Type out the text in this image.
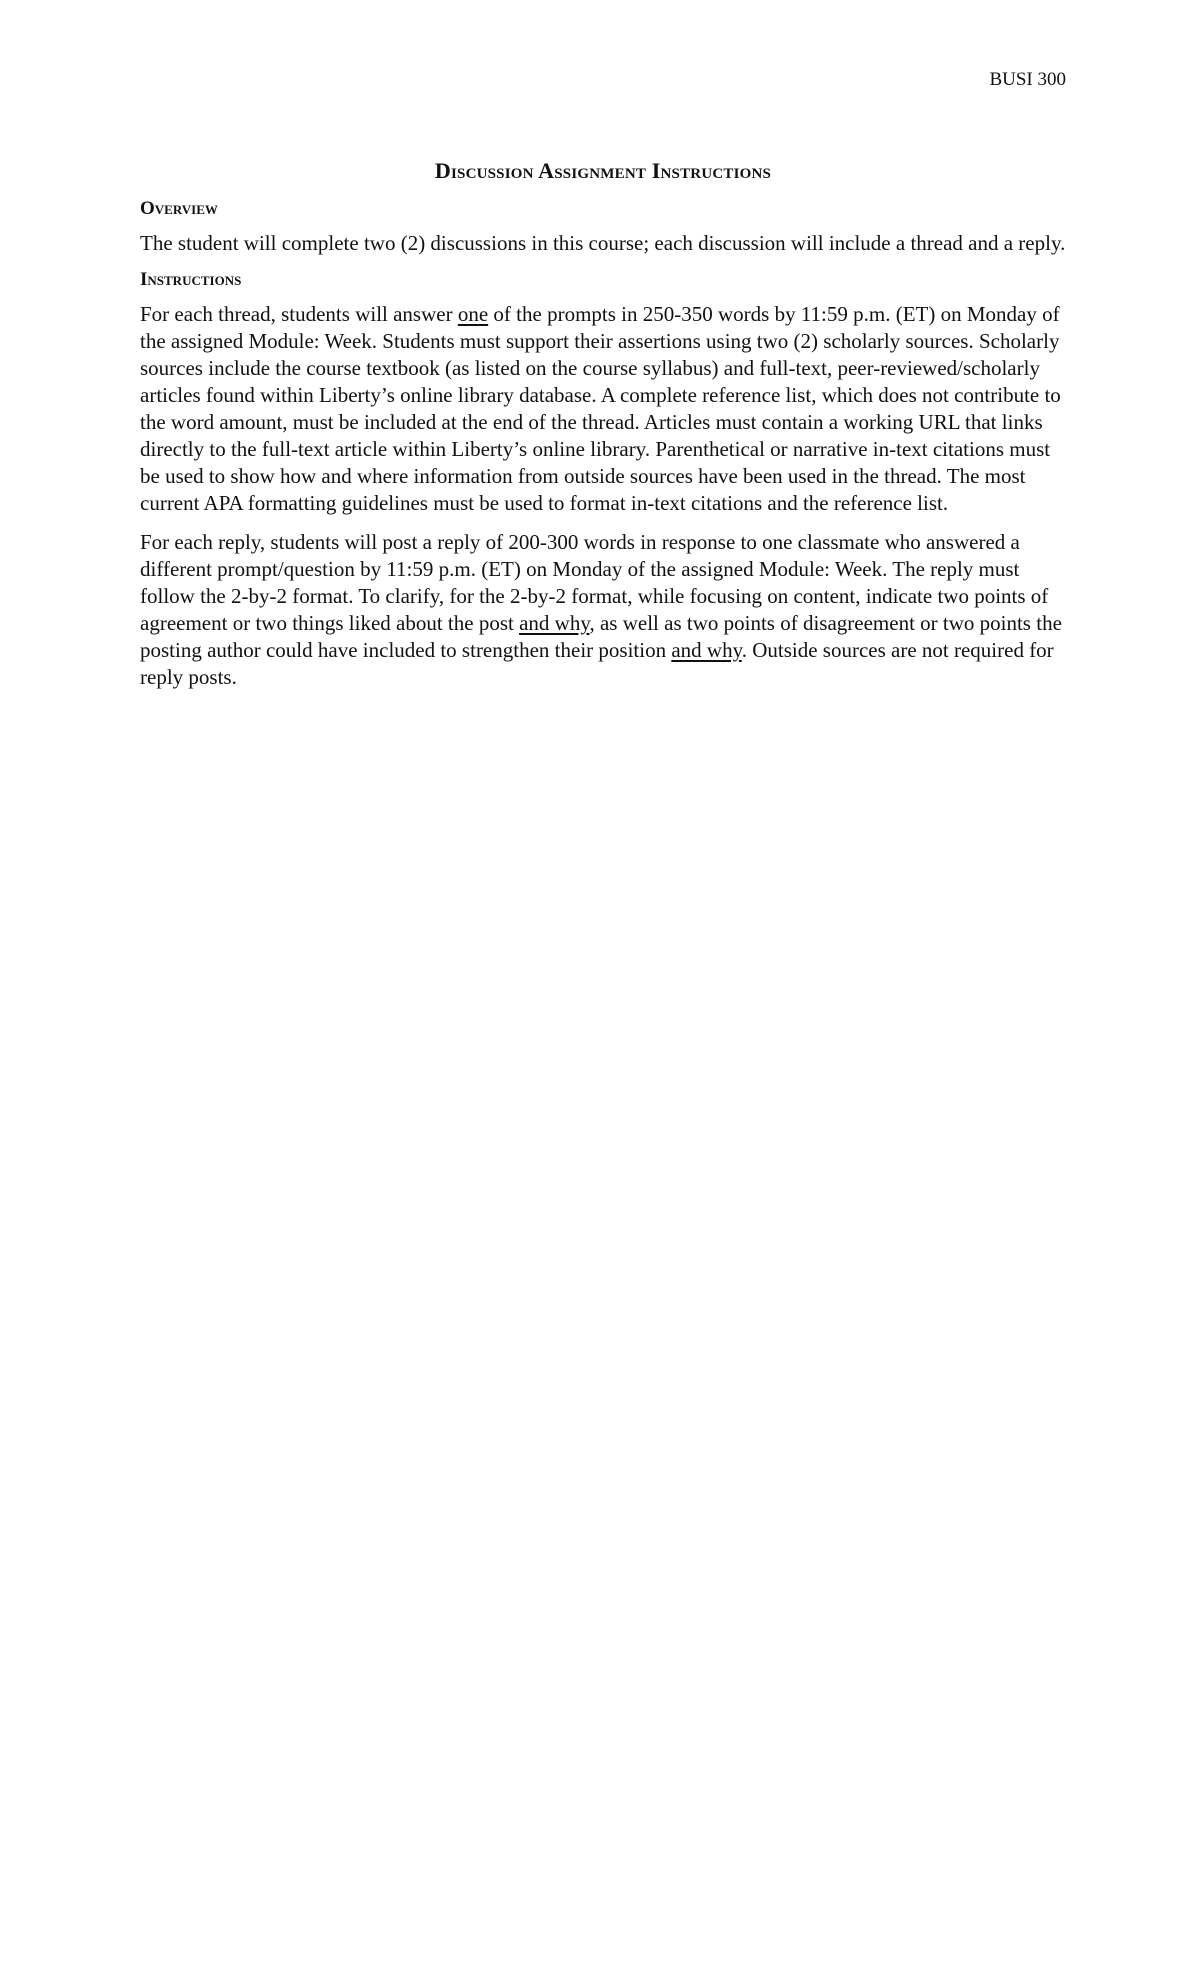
BUSI 300

Discussion Assignment Instructions
Overview

The student will complete two (2) discussions in this course; each discussion will include a thread and a reply.

Instructions

For each thread, students will answer one of the prompts in 250-350 words by 11:59 p.m. (ET) on Monday of the assigned Module: Week. Students must support their assertions using two (2) scholarly sources. Scholarly sources include the course textbook (as listed on the course syllabus) and full-text, peer-reviewed/scholarly articles found within Liberty’s online library database. A complete reference list, which does not contribute to the word amount, must be included at the end of the thread. Articles must contain a working URL that links directly to the full-text article within Liberty’s online library. Parenthetical or narrative in-text citations must be used to show how and where information from outside sources have been used in the thread. The most current APA formatting guidelines must be used to format in-text citations and the reference list.

For each reply, students will post a reply of 200-300 words in response to one classmate who answered a different prompt/question by 11:59 p.m. (ET) on Monday of the assigned Module: Week. The reply must follow the 2-by-2 format. To clarify, for the 2-by-2 format, while focusing on content, indicate two points of agreement or two things liked about the post and why, as well as two points of disagreement or two points the posting author could have included to strengthen their position and why. Outside sources are not required for reply posts.
